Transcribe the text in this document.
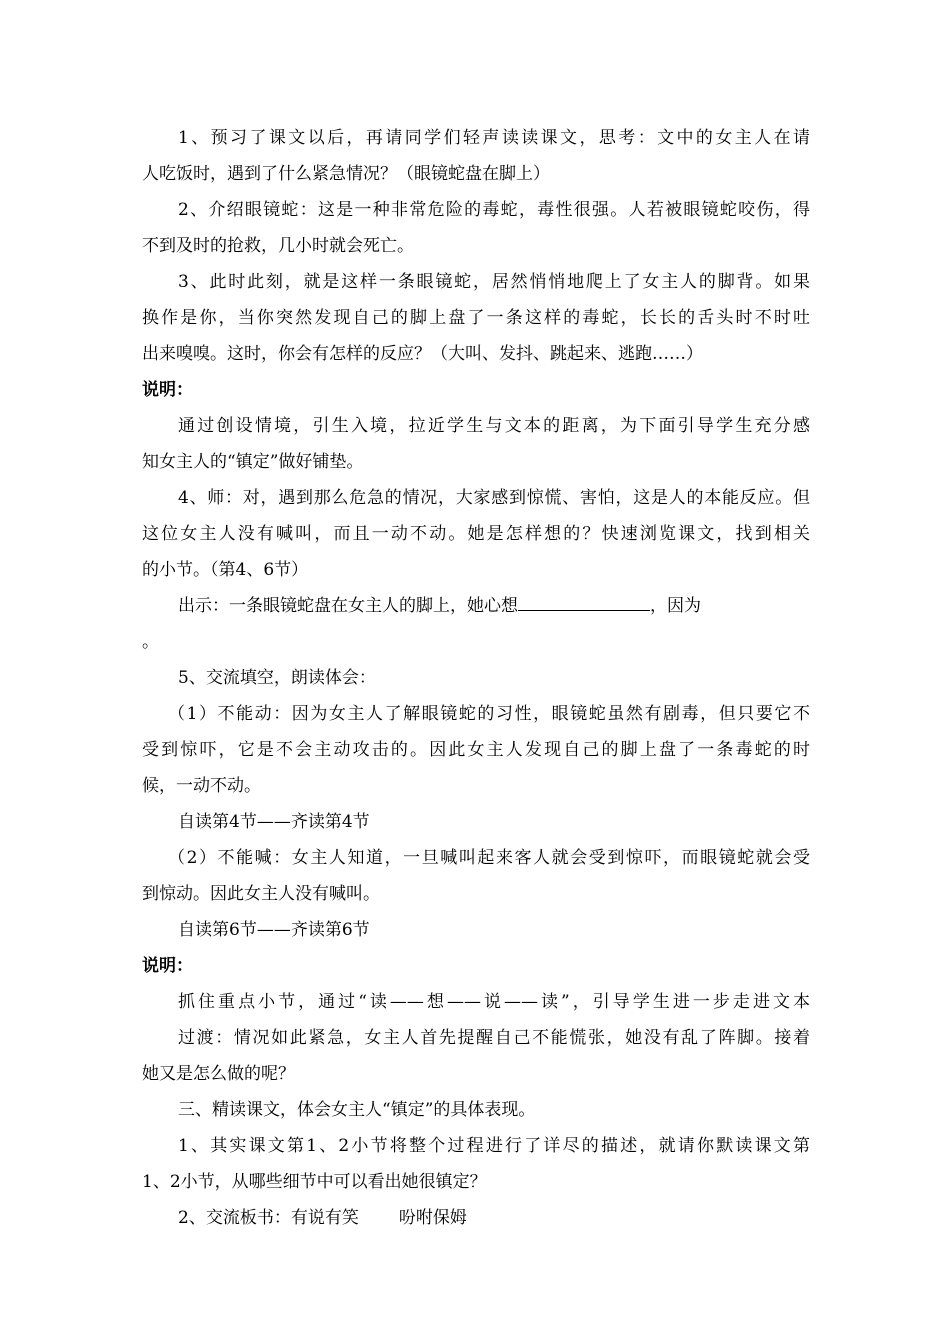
1、预习了课文以后，再请同学们轻声读读课文，思考：文中的女主人在请

人吃饭时，遇到了什么紧急情况？（眼镜蛇盘在脚上）

2、介绍眼镜蛇：这是一种非常危险的毒蛇，毒性很强。人若被眼镜蛇咬伤，得

不到及时的抢救，几小时就会死亡。

3、此时此刻，就是这样一条眼镜蛇，居然悄悄地爬上了女主人的脚背。如果

换作是你，当你突然发现自己的脚上盘了一条这样的毒蛇，长长的舌头时不时吐

出来嗅嗅。这时，你会有怎样的反应？（大叫、发抖、跳起来、逃跑……）

说明：

通过创设情境，引生入境，拉近学生与文本的距离，为下面引导学生充分感

知女主人的“镇定”做好铺垫。

4、师：对，遇到那么危急的情况，大家感到惊慌、害怕，这是人的本能反应。但

这位女主人没有喊叫，而且一动不动。她是怎样想的？快速浏览课文，找到相关

的小节。（第4、6节）

出示：一条眼镜蛇盘在女主人的脚上，她心想	，因为

。

5、交流填空，朗读体会：

（1）不能动：因为女主人了解眼镜蛇的习性，眼镜蛇虽然有剧毒，但只要它不

受到惊吓，它是不会主动攻击的。因此女主人发现自己的脚上盘了一条毒蛇的时

候，一动不动。

自读第4节——齐读第4节

（2）不能喊：女主人知道，一旦喊叫起来客人就会受到惊吓，而眼镜蛇就会受

到惊动。因此女主人没有喊叫。

自读第6节——齐读第6节

说明：

抓住重点小节，通过“读——想——说——读”，引导学生进一步走进文本

过渡：情况如此紧急，女主人首先提醒自己不能慌张，她没有乱了阵脚。接着

她又是怎么做的呢？

三、精读课文，体会女主人“镇定”的具体表现。

1、其实课文第1、2小节将整个过程进行了详尽的描述，就请你默读课文第

1、2小节，从哪些细节中可以看出她很镇定？

2、交流板书：有说有笑 吩咐保姆
